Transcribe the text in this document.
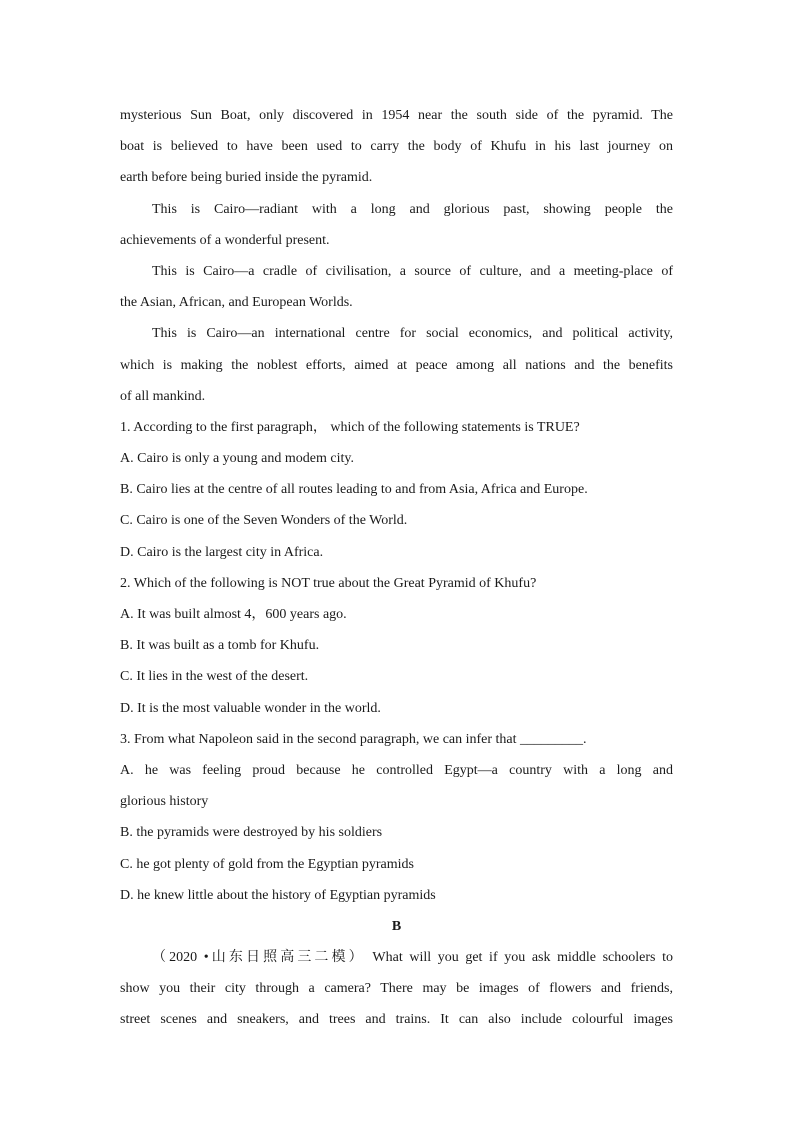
mysterious Sun Boat, only discovered in 1954 near the south side of the pyramid. The
boat is believed to have been used to carry the body of Khufu in his last journey on
earth before being buried inside the pyramid.
This is Cairo—radiant with a long and glorious past, showing people the
achievements of a wonderful present.
This is Cairo—a cradle of civilisation, a source of culture, and a meeting-place of
the Asian, African, and European Worlds.
This is Cairo—an international centre for social economics, and political activity,
which is making the noblest efforts, aimed at peace among all nations and the benefits
of all mankind.
1. According to the first paragraph， which of the following statements is TRUE?
A. Cairo is only a young and modem city.
B. Cairo lies at the centre of all routes leading to and from Asia, Africa and Europe.
C. Cairo is one of the Seven Wonders of the World.
D. Cairo is the largest city in Africa.
2. Which of the following is NOT true about the Great Pyramid of Khufu?
A. It was built almost 4，600 years ago.
B. It was built as a tomb for Khufu.
C. It lies in the west of the desert.
D. It is the most valuable wonder in the world.
3. From what Napoleon said in the second paragraph, we can infer that _________.
A. he was feeling proud because he controlled Egypt—a country with a long and
glorious history
B. the pyramids were destroyed by his soldiers
C. he got plenty of gold from the Egyptian pyramids
D. he knew little about the history of Egyptian pyramids
B
（2020 •山东日照高三二模） What will you get if you ask middle schoolers to
show you their city through a camera? There may be images of flowers and friends,
street scenes and sneakers, and trees and trains. It can also include colourful images
